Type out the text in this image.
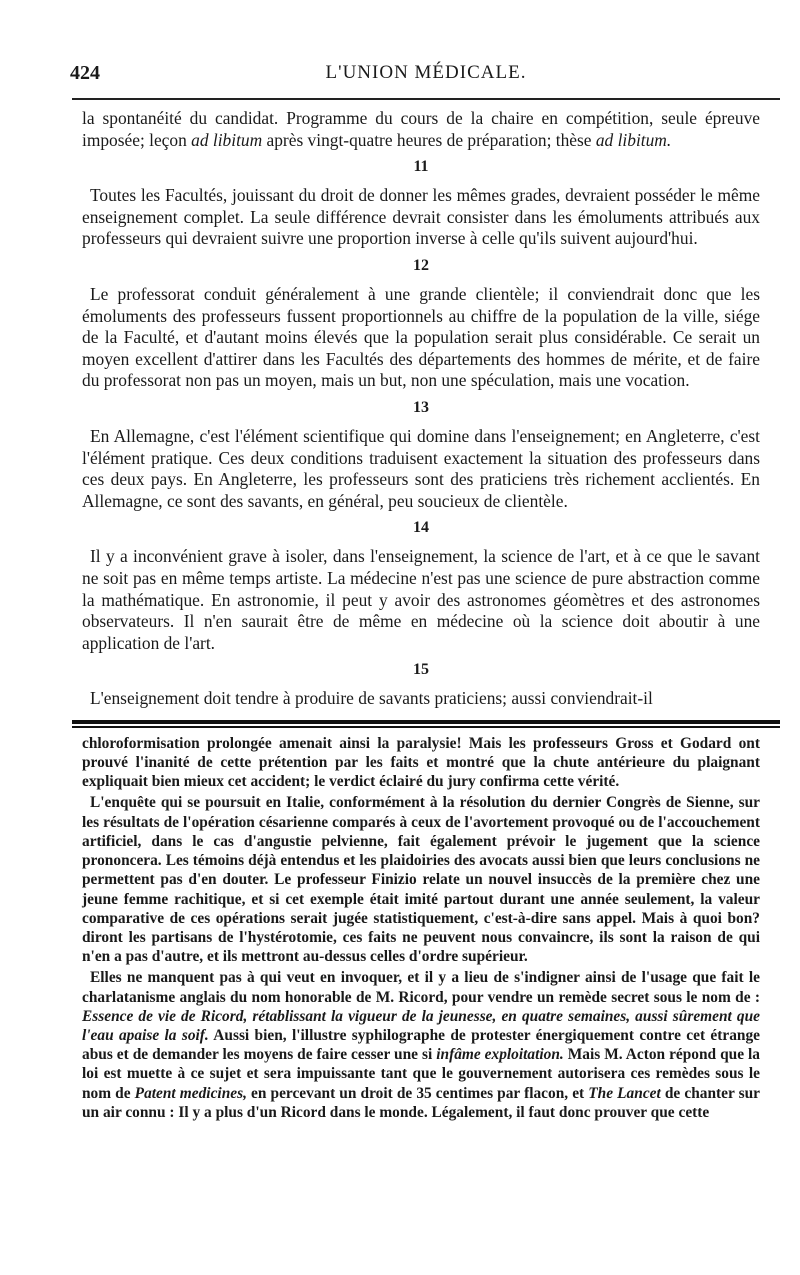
424	L'UNION MÉDICALE.

la spontanéité du candidat. Programme du cours de la chaire en compétition, seule épreuve imposée; leçon ad libitum après vingt-quatre heures de préparation; thèse ad libitum.

11

Toutes les Facultés, jouissant du droit de donner les mêmes grades, devraient posséder le même enseignement complet. La seule différence devrait consister dans les émoluments attribués aux professeurs qui devraient suivre une proportion inverse à celle qu'ils suivent aujourd'hui.

12

Le professorat conduit généralement à une grande clientèle; il conviendrait donc que les émoluments des professeurs fussent proportionnels au chiffre de la population de la ville, siége de la Faculté, et d'autant moins élevés que la population serait plus considérable. Ce serait un moyen excellent d'attirer dans les Facultés des départements des hommes de mérite, et de faire du professorat non pas un moyen, mais un but, non une spéculation, mais une vocation.

13

En Allemagne, c'est l'élément scientifique qui domine dans l'enseignement; en Angleterre, c'est l'élément pratique. Ces deux conditions traduisent exactement la situation des professeurs dans ces deux pays. En Angleterre, les professeurs sont des praticiens très richement acclientés. En Allemagne, ce sont des savants, en général, peu soucieux de clientèle.

14

Il y a inconvénient grave à isoler, dans l'enseignement, la science de l'art, et à ce que le savant ne soit pas en même temps artiste. La médecine n'est pas une science de pure abstraction comme la mathématique. En astronomie, il peut y avoir des astronomes géomètres et des astronomes observateurs. Il n'en saurait être de même en médecine où la science doit aboutir à une application de l'art.

15

L'enseignement doit tendre à produire de savants praticiens; aussi conviendrait-il

chloroformisation prolongée amenait ainsi la paralysie! Mais les professeurs Gross et Godard ont prouvé l'inanité de cette prétention par les faits et montré que la chute antérieure du plaignant expliquait bien mieux cet accident; le verdict éclairé du jury confirma cette vérité.

L'enquête qui se poursuit en Italie, conformément à la résolution du dernier Congrès de Sienne, sur les résultats de l'opération césarienne comparés à ceux de l'avortement provoqué ou de l'accouchement artificiel, dans le cas d'angustie pelvienne, fait également prévoir le jugement que la science prononcera. Les témoins déjà entendus et les plaidoiries des avocats aussi bien que leurs conclusions ne permettent pas d'en douter. Le professeur Finizio relate un nouvel insuccès de la première chez une jeune femme rachitique, et si cet exemple était imité partout durant une année seulement, la valeur comparative de ces opérations serait jugée statistiquement, c'est-à-dire sans appel. Mais à quoi bon? diront les partisans de l'hystérotomie, ces faits ne peuvent nous convaincre, ils sont la raison de qui n'en a pas d'autre, et ils mettront au-dessus celles d'ordre supérieur.

Elles ne manquent pas à qui veut en invoquer, et il y a lieu de s'indigner ainsi de l'usage que fait le charlatanisme anglais du nom honorable de M. Ricord, pour vendre un remède secret sous le nom de : Essence de vie de Ricord, rétablissant la vigueur de la jeunesse, en quatre semaines, aussi sûrement que l'eau apaise la soif. Aussi bien, l'illustre syphilographe de protester énergiquement contre cet étrange abus et de demander les moyens de faire cesser une si infâme exploitation. Mais M. Acton répond que la loi est muette à ce sujet et sera impuissante tant que le gouvernement autorisera ces remèdes sous le nom de Patent medicines, en percevant un droit de 35 centimes par flacon, et The Lancet de chanter sur un air connu : Il y a plus d'un Ricord dans le monde. Légalement, il faut donc prouver que cette
